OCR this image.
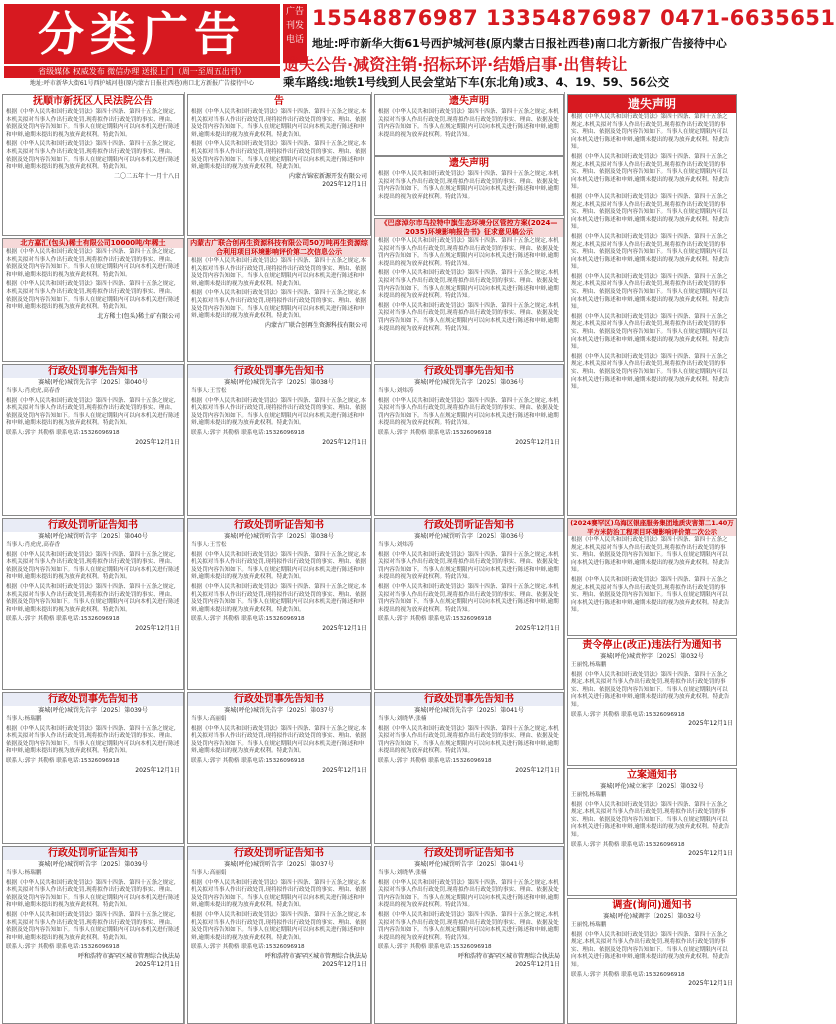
分类广告
省级媒体 权威发布 微信办理 送报上门（周一至周五出刊）
地址:呼市新华大街61号西护城河巷(原内蒙古日报社西巷)南口北方新报广告接待中心
广告刊发电话
15548876987 13354876987 0471-6635651
地址:呼市新华大街61号西护城河巷(原内蒙古日报社西巷)南口北方新报广告接待中心
遗失公告·减资注销·招标环评·结婚启事·出售转让
乘车路线:地铁1号线到人民会堂站下车(东北角)或3、4、19、59、56公交
抚顺市新抚区人民法院公告
根据《中华人民共和国行政处罚法》第四十四条、第四十五条之规定,本机关拟对当事人作出行政处罚,现将拟作出行政处罚的事实、理由、依据及处罚内容告知如下。当事人在规定期限内可以向本机关进行陈述和申辩,逾期未提出的视为放弃此权利。特此告知。
根据《中华人民共和国行政处罚法》第四十四条、第四十五条之规定,本机关拟对当事人作出行政处罚,现将拟作出行政处罚的事实、理由、依据及处罚内容告知如下。当事人在规定期限内可以向本机关进行陈述和申辩,逾期未提出的视为放弃此权利。特此告知。
二〇二五年十一月十八日
北方嘉汇(包头)稀土有限公司10000吨/年稀土
根据《中华人民共和国行政处罚法》第四十四条、第四十五条之规定,本机关拟对当事人作出行政处罚,现将拟作出行政处罚的事实、理由、依据及处罚内容告知如下。当事人在规定期限内可以向本机关进行陈述和申辩,逾期未提出的视为放弃此权利。特此告知。
根据《中华人民共和国行政处罚法》第四十四条、第四十五条之规定,本机关拟对当事人作出行政处罚,现将拟作出行政处罚的事实、理由、依据及处罚内容告知如下。当事人在规定期限内可以向本机关进行陈述和申辩,逾期未提出的视为放弃此权利。特此告知。
北方稀土(包头)稀土矿有限公司
行政处罚事先告知书
赛城(呼伦)城罚先告字〔2025〕第040号
当事人:肖虎虎,高春香
根据《中华人民共和国行政处罚法》第四十四条、第四十五条之规定,本机关拟对当事人作出行政处罚,现将拟作出行政处罚的事实、理由、依据及处罚内容告知如下。当事人在规定期限内可以向本机关进行陈述和申辩,逾期未提出的视为放弃此权利。特此告知。
联系人:郭宇 其勒格 联系电话:15326096918
2025年12月1日
行政处罚听证告知书
赛城(呼伦)城罚听告字〔2025〕第040号
当事人:肖虎虎,高春香
根据《中华人民共和国行政处罚法》第四十四条、第四十五条之规定,本机关拟对当事人作出行政处罚,现将拟作出行政处罚的事实、理由、依据及处罚内容告知如下。当事人在规定期限内可以向本机关进行陈述和申辩,逾期未提出的视为放弃此权利。特此告知。
根据《中华人民共和国行政处罚法》第四十四条、第四十五条之规定,本机关拟对当事人作出行政处罚,现将拟作出行政处罚的事实、理由、依据及处罚内容告知如下。当事人在规定期限内可以向本机关进行陈述和申辩,逾期未提出的视为放弃此权利。特此告知。
联系人:郭宇 其勒格 联系电话:15326096918
2025年12月1日
行政处罚事先告知书
赛城(呼伦)城罚先告字〔2025〕第039号
当事人:杨瑞鹏
根据《中华人民共和国行政处罚法》第四十四条、第四十五条之规定,本机关拟对当事人作出行政处罚,现将拟作出行政处罚的事实、理由、依据及处罚内容告知如下。当事人在规定期限内可以向本机关进行陈述和申辩,逾期未提出的视为放弃此权利。特此告知。
联系人:郭宇 其勒格 联系电话:15326096918
2025年12月1日
行政处罚听证告知书
赛城(呼伦)城罚听告字〔2025〕第039号
当事人:杨瑞鹏
根据《中华人民共和国行政处罚法》第四十四条、第四十五条之规定,本机关拟对当事人作出行政处罚,现将拟作出行政处罚的事实、理由、依据及处罚内容告知如下。当事人在规定期限内可以向本机关进行陈述和申辩,逾期未提出的视为放弃此权利。特此告知。
根据《中华人民共和国行政处罚法》第四十四条、第四十五条之规定,本机关拟对当事人作出行政处罚,现将拟作出行政处罚的事实、理由、依据及处罚内容告知如下。当事人在规定期限内可以向本机关进行陈述和申辩,逾期未提出的视为放弃此权利。特此告知。
联系人:郭宇 其勒格 联系电话:15326096918
呼和浩特市赛罕区城市管理综合执法局
2025年12月1日
告
根据《中华人民共和国行政处罚法》第四十四条、第四十五条之规定,本机关拟对当事人作出行政处罚,现将拟作出行政处罚的事实、理由、依据及处罚内容告知如下。当事人在规定期限内可以向本机关进行陈述和申辩,逾期未提出的视为放弃此权利。特此告知。
根据《中华人民共和国行政处罚法》第四十四条、第四十五条之规定,本机关拟对当事人作出行政处罚,现将拟作出行政处罚的事实、理由、依据及处罚内容告知如下。当事人在规定期限内可以向本机关进行陈述和申辩,逾期未提出的视为放弃此权利。特此告知。
内蒙古锦宏新源开发有限公司
2025年12月1日
内蒙古广联合创再生资源科技有限公司50万吨再生资源综合利用项目环境影响评价第二次信息公示
根据《中华人民共和国行政处罚法》第四十四条、第四十五条之规定,本机关拟对当事人作出行政处罚,现将拟作出行政处罚的事实、理由、依据及处罚内容告知如下。当事人在规定期限内可以向本机关进行陈述和申辩,逾期未提出的视为放弃此权利。特此告知。
根据《中华人民共和国行政处罚法》第四十四条、第四十五条之规定,本机关拟对当事人作出行政处罚,现将拟作出行政处罚的事实、理由、依据及处罚内容告知如下。当事人在规定期限内可以向本机关进行陈述和申辩,逾期未提出的视为放弃此权利。特此告知。
内蒙古广联合创再生资源科技有限公司
行政处罚事先告知书
赛城(呼伦)城罚先告字〔2025〕第038号
当事人:王雪松
根据《中华人民共和国行政处罚法》第四十四条、第四十五条之规定,本机关拟对当事人作出行政处罚,现将拟作出行政处罚的事实、理由、依据及处罚内容告知如下。当事人在规定期限内可以向本机关进行陈述和申辩,逾期未提出的视为放弃此权利。特此告知。
联系人:郭宇 其勒格 联系电话:15326096918
2025年12月1日
行政处罚听证告知书
赛城(呼伦)城罚听告字〔2025〕第038号
当事人:王雪松
根据《中华人民共和国行政处罚法》第四十四条、第四十五条之规定,本机关拟对当事人作出行政处罚,现将拟作出行政处罚的事实、理由、依据及处罚内容告知如下。当事人在规定期限内可以向本机关进行陈述和申辩,逾期未提出的视为放弃此权利。特此告知。
根据《中华人民共和国行政处罚法》第四十四条、第四十五条之规定,本机关拟对当事人作出行政处罚,现将拟作出行政处罚的事实、理由、依据及处罚内容告知如下。当事人在规定期限内可以向本机关进行陈述和申辩,逾期未提出的视为放弃此权利。特此告知。
联系人:郭宇 其勒格 联系电话:15326096918
2025年12月1日
行政处罚事先告知书
赛城(呼伦)城罚先告字〔2025〕第037号
当事人:高丽娟
根据《中华人民共和国行政处罚法》第四十四条、第四十五条之规定,本机关拟对当事人作出行政处罚,现将拟作出行政处罚的事实、理由、依据及处罚内容告知如下。当事人在规定期限内可以向本机关进行陈述和申辩,逾期未提出的视为放弃此权利。特此告知。
联系人:郭宇 其勒格 联系电话:15326096918
2025年12月1日
行政处罚听证告知书
赛城(呼伦)城罚听告字〔2025〕第037号
当事人:高丽娟
根据《中华人民共和国行政处罚法》第四十四条、第四十五条之规定,本机关拟对当事人作出行政处罚,现将拟作出行政处罚的事实、理由、依据及处罚内容告知如下。当事人在规定期限内可以向本机关进行陈述和申辩,逾期未提出的视为放弃此权利。特此告知。
根据《中华人民共和国行政处罚法》第四十四条、第四十五条之规定,本机关拟对当事人作出行政处罚,现将拟作出行政处罚的事实、理由、依据及处罚内容告知如下。当事人在规定期限内可以向本机关进行陈述和申辩,逾期未提出的视为放弃此权利。特此告知。
联系人:郭宇 其勒格 联系电话:15326096918
呼和浩特市赛罕区城市管理综合执法局
2025年12月1日
遗失声明
根据《中华人民共和国行政处罚法》第四十四条、第四十五条之规定,本机关拟对当事人作出行政处罚,现将拟作出行政处罚的事实、理由、依据及处罚内容告知如下。当事人在规定期限内可以向本机关进行陈述和申辩,逾期未提出的视为放弃此权利。特此告知。
遗失声明
根据《中华人民共和国行政处罚法》第四十四条、第四十五条之规定,本机关拟对当事人作出行政处罚,现将拟作出行政处罚的事实、理由、依据及处罚内容告知如下。当事人在规定期限内可以向本机关进行陈述和申辩,逾期未提出的视为放弃此权利。特此告知。
《巴彦淖尔市乌拉特中旗生态环境分区管控方案(2024—2035)环境影响报告书》征求意见稿公示
根据《中华人民共和国行政处罚法》第四十四条、第四十五条之规定,本机关拟对当事人作出行政处罚,现将拟作出行政处罚的事实、理由、依据及处罚内容告知如下。当事人在规定期限内可以向本机关进行陈述和申辩,逾期未提出的视为放弃此权利。特此告知。
根据《中华人民共和国行政处罚法》第四十四条、第四十五条之规定,本机关拟对当事人作出行政处罚,现将拟作出行政处罚的事实、理由、依据及处罚内容告知如下。当事人在规定期限内可以向本机关进行陈述和申辩,逾期未提出的视为放弃此权利。特此告知。
根据《中华人民共和国行政处罚法》第四十四条、第四十五条之规定,本机关拟对当事人作出行政处罚,现将拟作出行政处罚的事实、理由、依据及处罚内容告知如下。当事人在规定期限内可以向本机关进行陈述和申辩,逾期未提出的视为放弃此权利。特此告知。
行政处罚事先告知书
赛城(呼伦)城罚先告字〔2025〕第036号
当事人:刘炜涛
根据《中华人民共和国行政处罚法》第四十四条、第四十五条之规定,本机关拟对当事人作出行政处罚,现将拟作出行政处罚的事实、理由、依据及处罚内容告知如下。当事人在规定期限内可以向本机关进行陈述和申辩,逾期未提出的视为放弃此权利。特此告知。
联系人:郭宇 其勒格 联系电话:15326096918
2025年12月1日
行政处罚听证告知书
赛城(呼伦)城罚听告字〔2025〕第036号
当事人:刘炜涛
根据《中华人民共和国行政处罚法》第四十四条、第四十五条之规定,本机关拟对当事人作出行政处罚,现将拟作出行政处罚的事实、理由、依据及处罚内容告知如下。当事人在规定期限内可以向本机关进行陈述和申辩,逾期未提出的视为放弃此权利。特此告知。
根据《中华人民共和国行政处罚法》第四十四条、第四十五条之规定,本机关拟对当事人作出行政处罚,现将拟作出行政处罚的事实、理由、依据及处罚内容告知如下。当事人在规定期限内可以向本机关进行陈述和申辩,逾期未提出的视为放弃此权利。特此告知。
联系人:郭宇 其勒格 联系电话:15326096918
2025年12月1日
行政处罚事先告知书
赛城(呼伦)城罚先告字〔2025〕第041号
当事人:刘晓华,张楠
根据《中华人民共和国行政处罚法》第四十四条、第四十五条之规定,本机关拟对当事人作出行政处罚,现将拟作出行政处罚的事实、理由、依据及处罚内容告知如下。当事人在规定期限内可以向本机关进行陈述和申辩,逾期未提出的视为放弃此权利。特此告知。
联系人:郭宇 其勒格 联系电话:15326096918
2025年12月1日
行政处罚听证告知书
赛城(呼伦)城罚听告字〔2025〕第041号
当事人:刘晓华,张楠
根据《中华人民共和国行政处罚法》第四十四条、第四十五条之规定,本机关拟对当事人作出行政处罚,现将拟作出行政处罚的事实、理由、依据及处罚内容告知如下。当事人在规定期限内可以向本机关进行陈述和申辩,逾期未提出的视为放弃此权利。特此告知。
根据《中华人民共和国行政处罚法》第四十四条、第四十五条之规定,本机关拟对当事人作出行政处罚,现将拟作出行政处罚的事实、理由、依据及处罚内容告知如下。当事人在规定期限内可以向本机关进行陈述和申辩,逾期未提出的视为放弃此权利。特此告知。
联系人:郭宇 其勒格 联系电话:15326096918
呼和浩特市赛罕区城市管理综合执法局
2025年12月1日
遗失声明
根据《中华人民共和国行政处罚法》第四十四条、第四十五条之规定,本机关拟对当事人作出行政处罚,现将拟作出行政处罚的事实、理由、依据及处罚内容告知如下。当事人在规定期限内可以向本机关进行陈述和申辩,逾期未提出的视为放弃此权利。特此告知。
根据《中华人民共和国行政处罚法》第四十四条、第四十五条之规定,本机关拟对当事人作出行政处罚,现将拟作出行政处罚的事实、理由、依据及处罚内容告知如下。当事人在规定期限内可以向本机关进行陈述和申辩,逾期未提出的视为放弃此权利。特此告知。
根据《中华人民共和国行政处罚法》第四十四条、第四十五条之规定,本机关拟对当事人作出行政处罚,现将拟作出行政处罚的事实、理由、依据及处罚内容告知如下。当事人在规定期限内可以向本机关进行陈述和申辩,逾期未提出的视为放弃此权利。特此告知。
根据《中华人民共和国行政处罚法》第四十四条、第四十五条之规定,本机关拟对当事人作出行政处罚,现将拟作出行政处罚的事实、理由、依据及处罚内容告知如下。当事人在规定期限内可以向本机关进行陈述和申辩,逾期未提出的视为放弃此权利。特此告知。
根据《中华人民共和国行政处罚法》第四十四条、第四十五条之规定,本机关拟对当事人作出行政处罚,现将拟作出行政处罚的事实、理由、依据及处罚内容告知如下。当事人在规定期限内可以向本机关进行陈述和申辩,逾期未提出的视为放弃此权利。特此告知。
根据《中华人民共和国行政处罚法》第四十四条、第四十五条之规定,本机关拟对当事人作出行政处罚,现将拟作出行政处罚的事实、理由、依据及处罚内容告知如下。当事人在规定期限内可以向本机关进行陈述和申辩,逾期未提出的视为放弃此权利。特此告知。
根据《中华人民共和国行政处罚法》第四十四条、第四十五条之规定,本机关拟对当事人作出行政处罚,现将拟作出行政处罚的事实、理由、依据及处罚内容告知如下。当事人在规定期限内可以向本机关进行陈述和申辩,逾期未提出的视为放弃此权利。特此告知。
(2024赛罕区)乌海区银座服务集团地质灾害第二1.40万平方米防治工程项目环境影响评价第二次公示
根据《中华人民共和国行政处罚法》第四十四条、第四十五条之规定,本机关拟对当事人作出行政处罚,现将拟作出行政处罚的事实、理由、依据及处罚内容告知如下。当事人在规定期限内可以向本机关进行陈述和申辩,逾期未提出的视为放弃此权利。特此告知。
根据《中华人民共和国行政处罚法》第四十四条、第四十五条之规定,本机关拟对当事人作出行政处罚,现将拟作出行政处罚的事实、理由、依据及处罚内容告知如下。当事人在规定期限内可以向本机关进行陈述和申辩,逾期未提出的视为放弃此权利。特此告知。
责令停止(改正)违法行为通知书
赛城(呼伦)城责停字〔2025〕第032号
王丽悦,杨瑞鹏
根据《中华人民共和国行政处罚法》第四十四条、第四十五条之规定,本机关拟对当事人作出行政处罚,现将拟作出行政处罚的事实、理由、依据及处罚内容告知如下。当事人在规定期限内可以向本机关进行陈述和申辩,逾期未提出的视为放弃此权利。特此告知。
联系人:郭宇 其勒格 联系电话:15326096918
2025年12月1日
立案通知书
赛城(呼伦)城立案字〔2025〕第032号
王丽悦,杨瑞鹏
根据《中华人民共和国行政处罚法》第四十四条、第四十五条之规定,本机关拟对当事人作出行政处罚,现将拟作出行政处罚的事实、理由、依据及处罚内容告知如下。当事人在规定期限内可以向本机关进行陈述和申辩,逾期未提出的视为放弃此权利。特此告知。
联系人:郭宇 其勒格 联系电话:15326096918
2025年12月1日
调查(询问)通知书
赛城(呼伦)城调字〔2025〕第032号
王丽悦,杨瑞鹏
根据《中华人民共和国行政处罚法》第四十四条、第四十五条之规定,本机关拟对当事人作出行政处罚,现将拟作出行政处罚的事实、理由、依据及处罚内容告知如下。当事人在规定期限内可以向本机关进行陈述和申辩,逾期未提出的视为放弃此权利。特此告知。
联系人:郭宇 其勒格 联系电话:15326096918
2025年12月1日
